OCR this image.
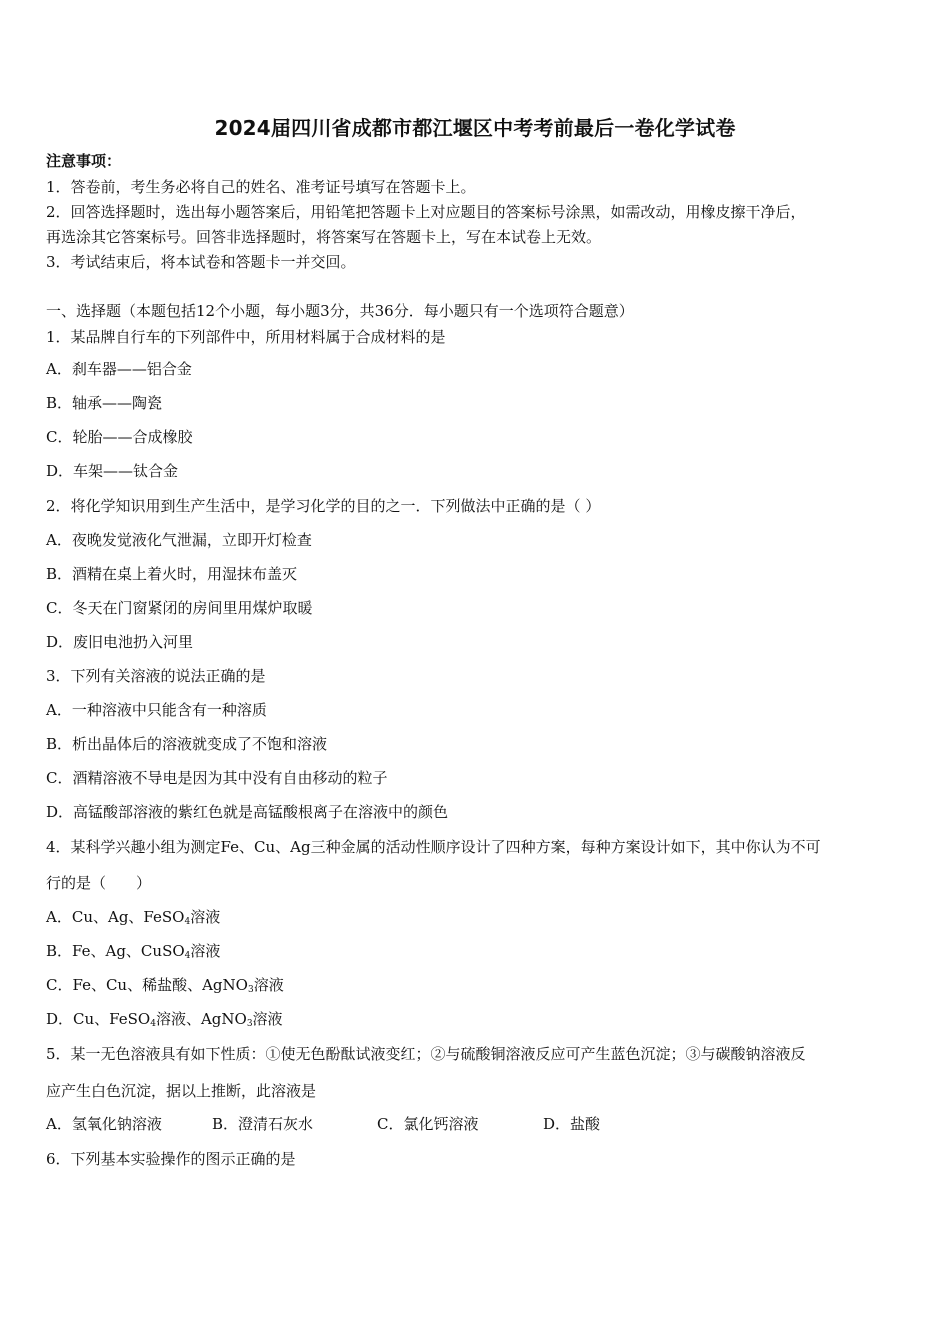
2024届四川省成都市都江堰区中考考前最后一卷化学试卷
注意事项：
1．答卷前，考生务必将自己的姓名、准考证号填写在答题卡上。
2．回答选择题时，选出每小题答案后，用铅笔把答题卡上对应题目的答案标号涂黑，如需改动，用橡皮擦干净后，
再选涂其它答案标号。回答非选择题时，将答案写在答题卡上，写在本试卷上无效。
3．考试结束后，将本试卷和答题卡一并交回。
一、选择题（本题包括12个小题，每小题3分，共36分．每小题只有一个选项符合题意）
1．某品牌自行车的下列部件中，所用材料属于合成材料的是
A．刹车器——铝合金
B．轴承——陶瓷
C．轮胎——合成橡胶
D．车架——钛合金
2．将化学知识用到生产生活中，是学习化学的目的之一．下列做法中正确的是（ ）
A．夜晚发觉液化气泄漏，立即开灯检查
B．酒精在桌上着火时，用湿抹布盖灭
C．冬天在门窗紧闭的房间里用煤炉取暖
D．废旧电池扔入河里
3．下列有关溶液的说法正确的是
A．一种溶液中只能含有一种溶质
B．析出晶体后的溶液就变成了不饱和溶液
C．酒精溶液不导电是因为其中没有自由移动的粒子
D．高锰酸部溶液的紫红色就是高锰酸根离子在溶液中的颜色
4．某科学兴趣小组为测定Fe、Cu、Ag三种金属的活动性顺序设计了四种方案，每种方案设计如下，其中你认为不可
行的是（　　）
A．Cu、Ag、FeSO$_4$溶液
B．Fe、Ag、CuSO$_4$溶液
C．Fe、Cu、稀盐酸、AgNO$_3$溶液
D．Cu、FeSO$_4$溶液、AgNO$_3$溶液
5．某一无色溶液具有如下性质：①使无色酚酞试液变红；②与硫酸铜溶液反应可产生蓝色沉淀；③与碳酸钠溶液反
应产生白色沉淀，据以上推断，此溶液是
A．氢氧化钠溶液	B．澄清石灰水	C．氯化钙溶液	D．盐酸
6．下列基本实验操作的图示正确的是
